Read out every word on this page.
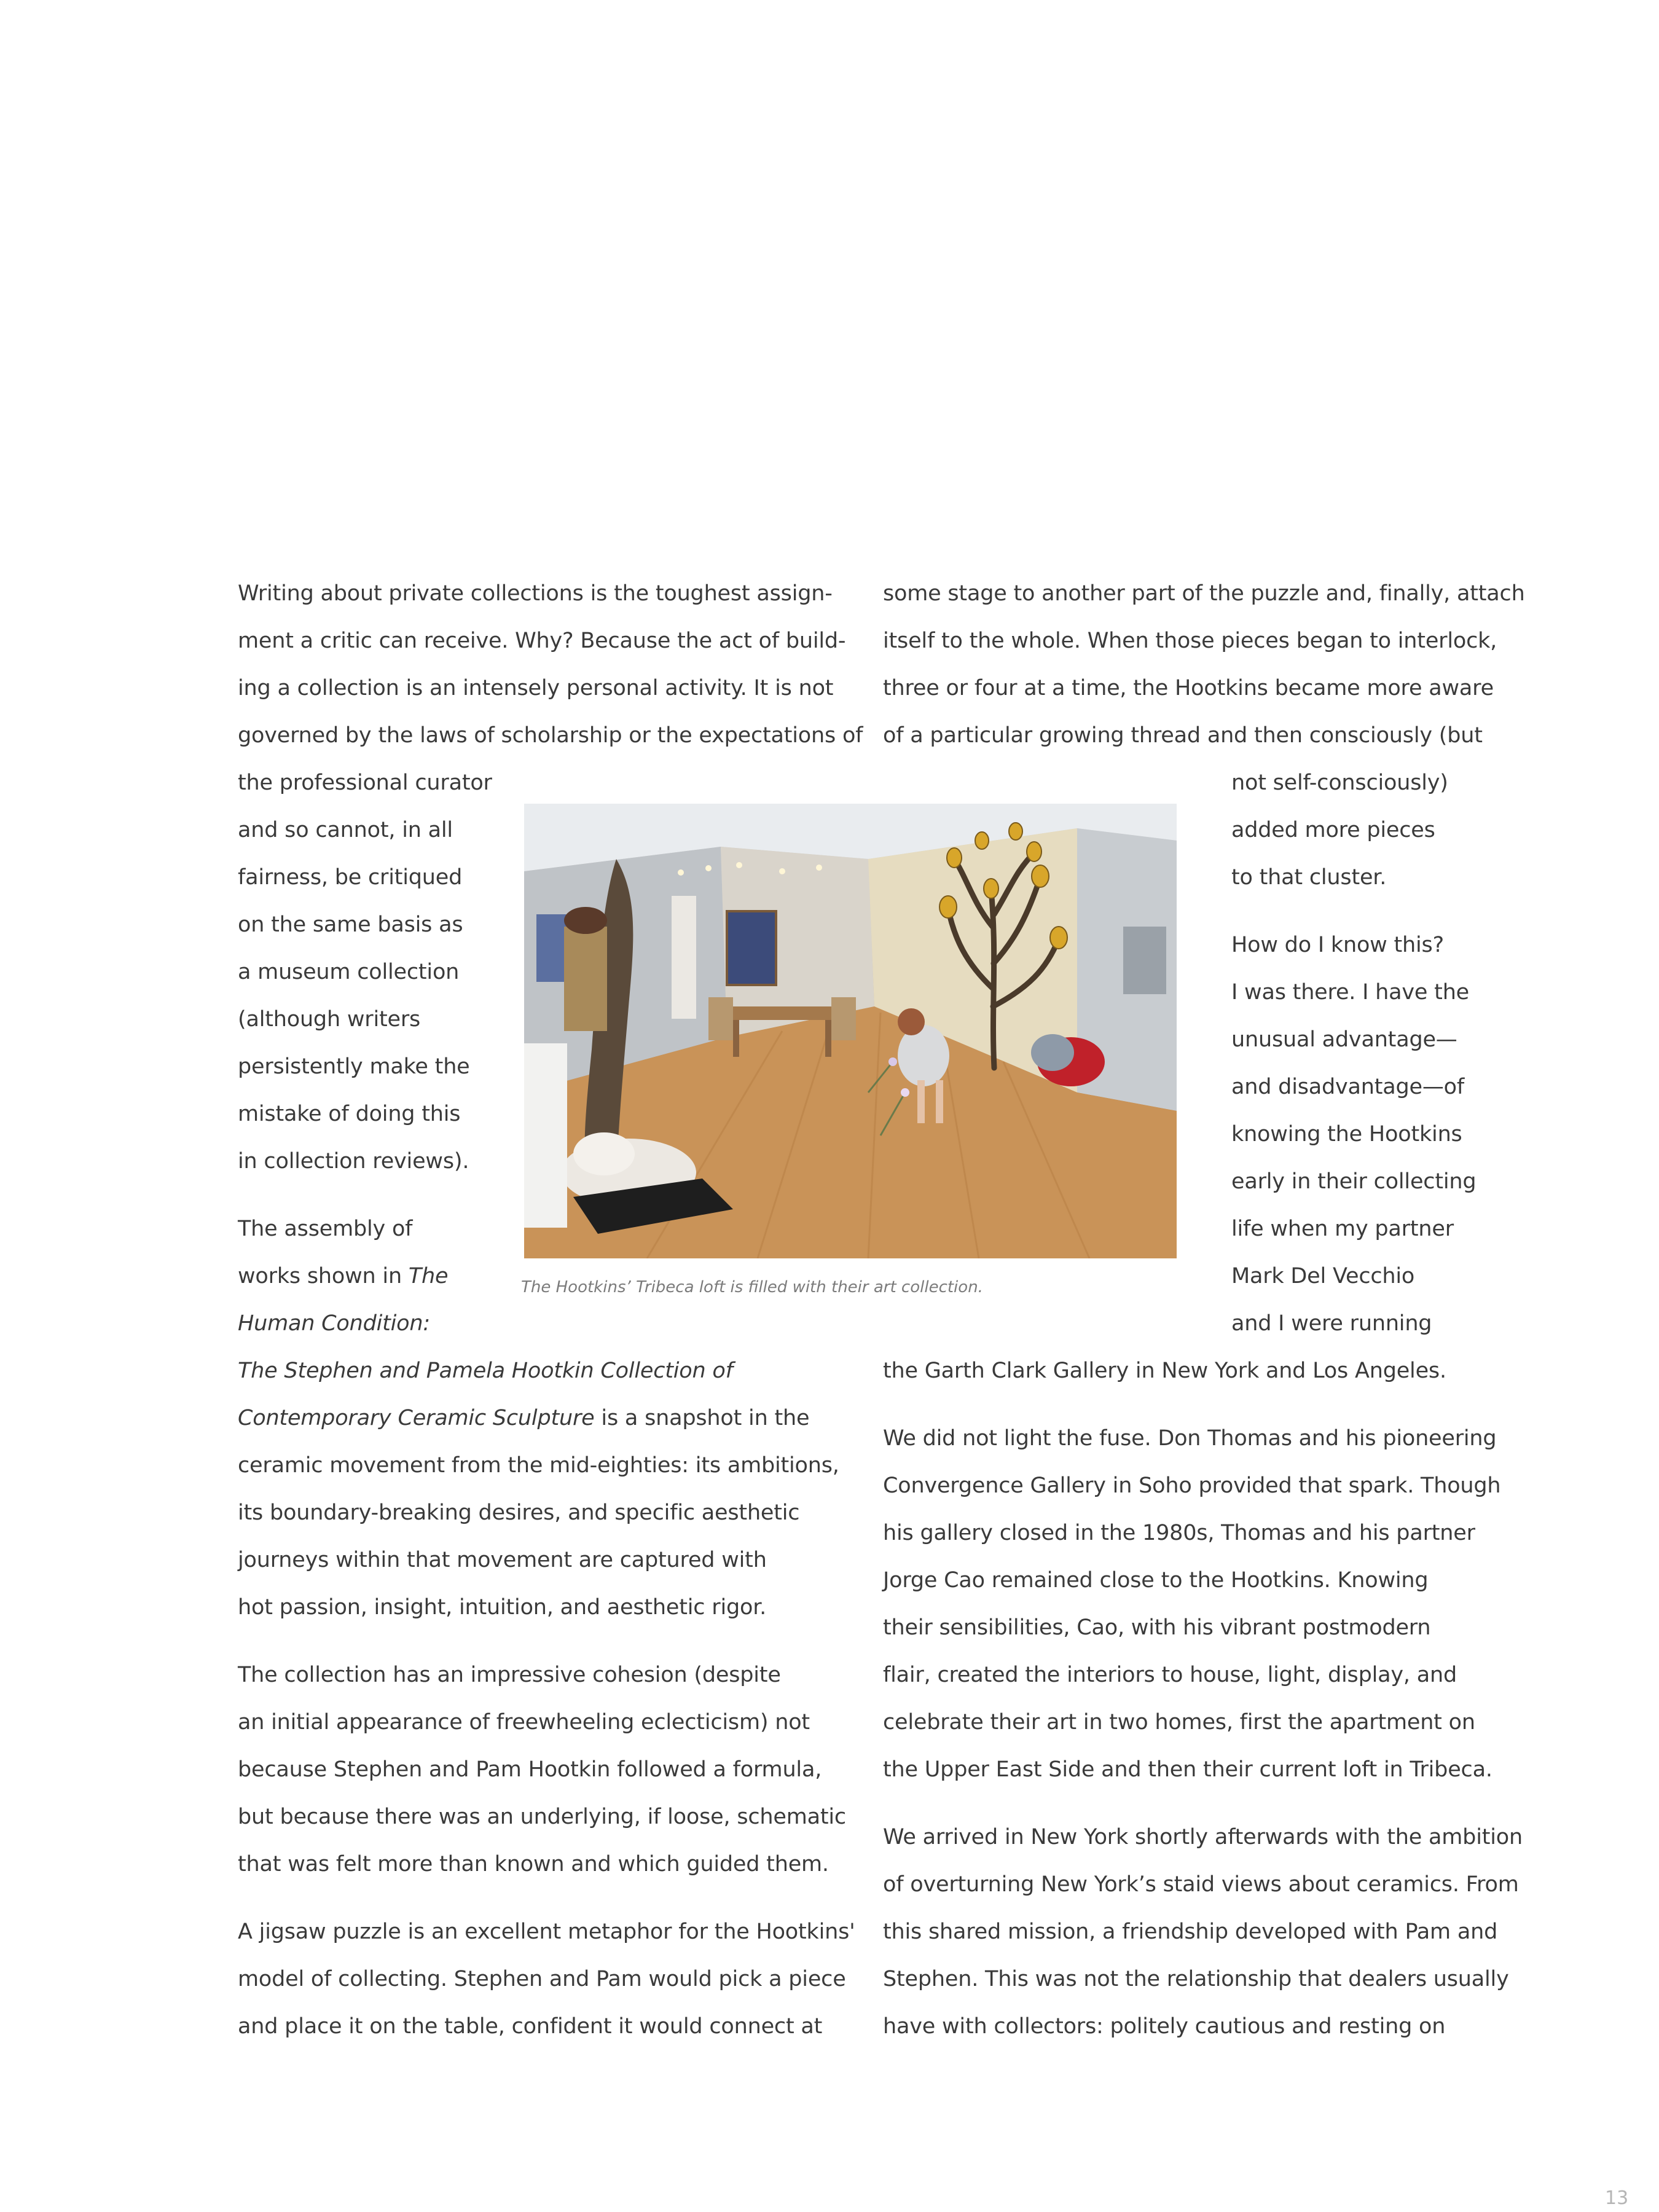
Writing about private collections is the toughest assign-
ment a critic can receive. Why? Because the act of build-
ing a collection is an intensely personal activity. It is not
governed by the laws of scholarship or the expectations of
the professional curator
and so cannot, in all
fairness, be critiqued
on the same basis as
a museum collection
(although writers
persistently make the
mistake of doing this
in collection reviews).
The assembly of
works shown in The
Human Condition:
The Stephen and Pamela Hootkin Collection of
Contemporary Ceramic Sculpture is a snapshot in the
ceramic movement from the mid-eighties: its ambitions,
its boundary-breaking desires, and specific aesthetic
journeys within that movement are captured with
hot passion, insight, intuition, and aesthetic rigor.
The collection has an impressive cohesion (despite
an initial appearance of freewheeling eclecticism) not
because Stephen and Pam Hootkin followed a formula,
but because there was an underlying, if loose, schematic
that was felt more than known and which guided them.
A jigsaw puzzle is an excellent metaphor for the Hootkins'
model of collecting. Stephen and Pam would pick a piece
and place it on the table, confident it would connect at
some stage to another part of the puzzle and, finally, attach
itself to the whole. When those pieces began to interlock,
three or four at a time, the Hootkins became more aware
of a particular growing thread and then consciously (but
not self-consciously)
added more pieces
to that cluster.
How do I know this?
I was there. I have the
unusual advantage—
and disadvantage—of
knowing the Hootkins
early in their collecting
life when my partner
Mark Del Vecchio
and I were running
the Garth Clark Gallery in New York and Los Angeles.
We did not light the fuse. Don Thomas and his pioneering
Convergence Gallery in Soho provided that spark. Though
his gallery closed in the 1980s, Thomas and his partner
Jorge Cao remained close to the Hootkins. Knowing
their sensibilities, Cao, with his vibrant postmodern
flair, created the interiors to house, light, display, and
celebrate their art in two homes, first the apartment on
the Upper East Side and then their current loft in Tribeca.
We arrived in New York shortly afterwards with the ambition
of overturning New York’s staid views about ceramics. From
this shared mission, a friendship developed with Pam and
Stephen. This was not the relationship that dealers usually
have with collectors: politely cautious and resting on
The Hootkins’ Tribeca loft is filled with their art collection.
13
